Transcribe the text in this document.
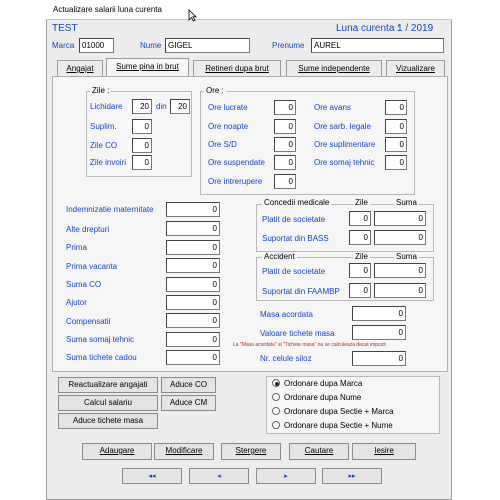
Actualizare salarii luna curenta
TEST	Luna curenta :
1 / 2019
Marca 01000	Nume GIGEL	Prenume	AUREL
Angajat	Sume pina in brut	Retineri dupa brut	Sume independente	Vizualizare
Zile :
Lichidare	20 din	20
Suplim.	0
Zile CO	0
Zile invoiri	0
Ore :
Ore lucrate	0
Ore noapte	0
Ore S/D	0
Ore suspendate	0
Ore intrerupere	0
Ore avans	0
Ore sarb. legale	0
Ore suplimentare	0
Ore somaj tehnic	0
Indemnizatie maternitate	0
Alte drepturi	0
Prima	0
Prima vacanta	0
Suma CO	0
Ajutor	0
Compensatii	0
Suma somaj tehnic	0
Suma tichete cadou	0
Concedii medicale	Zile	Suma
Platit de societate	0	0
Suportat din BASS	0	0
Accident	Zile	Suma
Platit de societate	0	0
Suportat din FAAMBP	0	0
Masa acordata	0
Valoare tichete masa	0
La "Masa acordata" si "Tichete masa" nu se calculeaza decat impozit
Nr. celule siloz	0
Reactualizare angajati
Calcul salariu
Aduce tichete masa
Aduce CO
Aduce CM
Ordonare dupa Marca
Ordonare dupa Nume
Ordonare dupa Sectie + Marca
Ordonare dupa Sectie + Nume
Adaugare	Modificare	Stergere	Cautare	Iesire
◂◂	◂	▸	▸▸
